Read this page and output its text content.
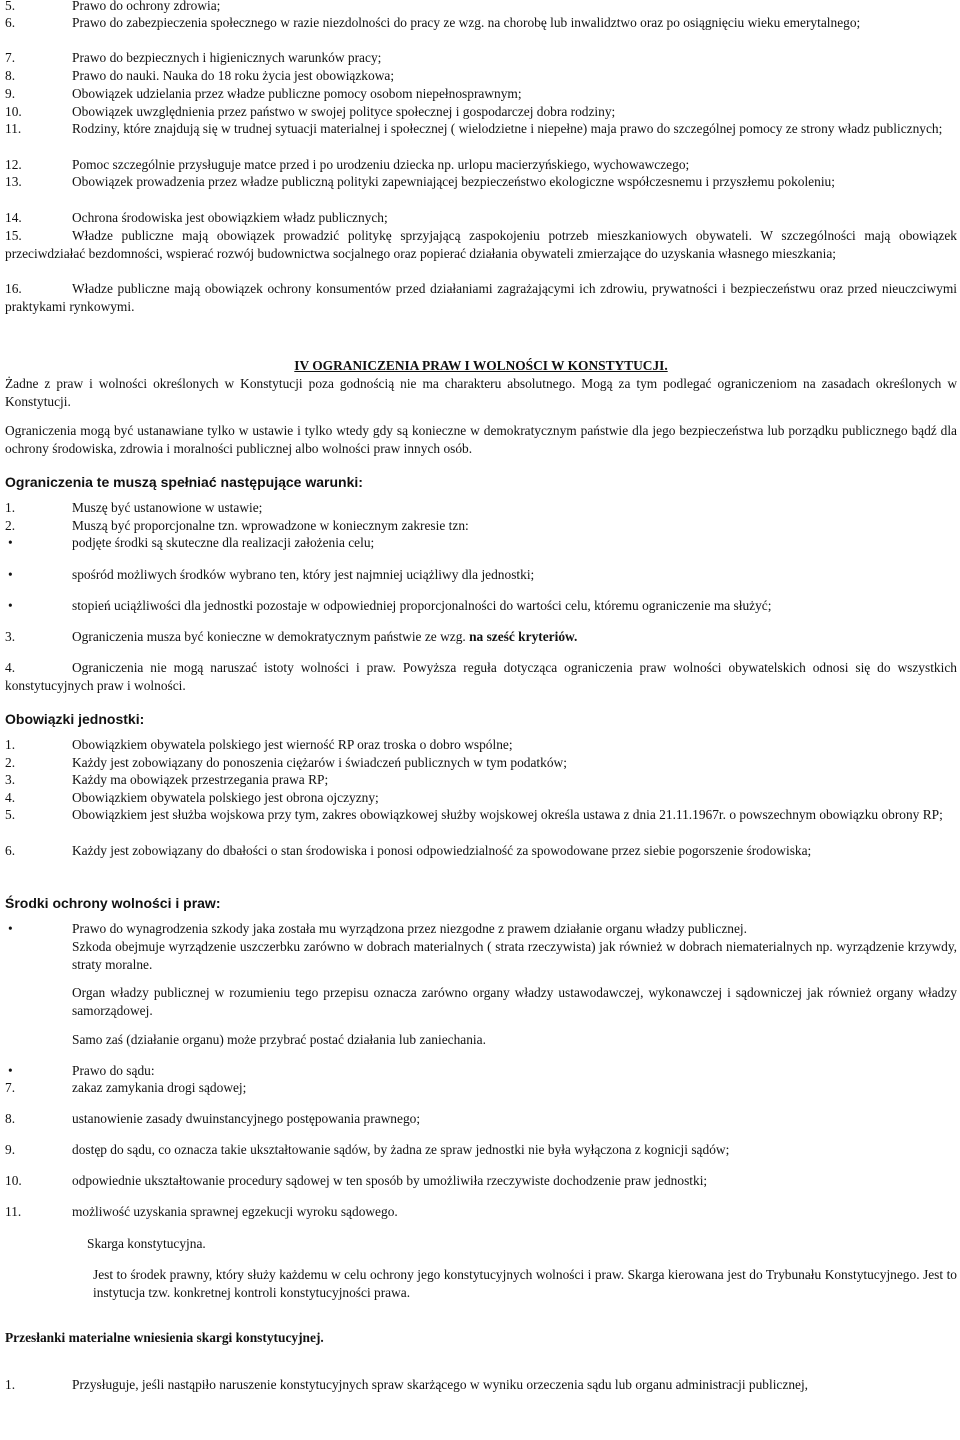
5.	Prawo do ochrony zdrowia;
6.	Prawo do zabezpieczenia społecznego w razie niezdolności do pracy ze wzg. na chorobę lub inwalidztwo oraz po osiągnięciu wieku emerytalnego;
7.	Prawo do bezpiecznych i higienicznych warunków pracy;
8.	Prawo do nauki. Nauka do 18 roku życia jest obowiązkowa;
9.	Obowiązek udzielania przez władze publiczne pomocy osobom niepełnosprawnym;
10.	Obowiązek uwzględnienia przez państwo w swojej polityce społecznej i gospodarczej dobra rodziny;
11.	Rodziny, które znajdują się w trudnej sytuacji materialnej i społecznej ( wielodzietne i niepełne) maja prawo do szczególnej pomocy ze strony władz publicznych;
12.	Pomoc szczególnie przysługuje matce przed i po urodzeniu dziecka np. urlopu macierzyńskiego, wychowawczego;
13.	Obowiązek prowadzenia przez władze publiczną polityki zapewniającej bezpieczeństwo ekologiczne współczesnemu i przyszłemu pokoleniu;
14.	Ochrona środowiska jest obowiązkiem władz publicznych;
15.	Władze publiczne mają obowiązek prowadzić politykę sprzyjającą zaspokojeniu potrzeb mieszkaniowych obywateli. W szczególności mają obowiązek przeciwdziałać bezdomności, wspierać rozwój budownictwa socjalnego oraz popierać działania obywateli zmierzające do uzyskania własnego mieszkania;
16.	Władze publiczne mają obowiązek ochrony konsumentów przed działaniami zagrażającymi ich zdrowiu, prywatności i bezpieczeństwu oraz przed nieuczciwymi praktykami rynkowymi.
IV OGRANICZENIA PRAW I WOLNOŚCI W KONSTYTUCJI.
Żadne z praw i wolności określonych w Konstytucji poza godnością nie ma charakteru absolutnego. Mogą za tym podlegać ograniczeniom na zasadach określonych w Konstytucji.
Ograniczenia mogą być ustanawiane tylko w ustawie i tylko wtedy gdy są konieczne w demokratycznym państwie dla jego bezpieczeństwa lub porządku publicznego bądź dla ochrony środowiska, zdrowia i moralności publicznej albo wolności praw innych osób.
Ograniczenia te muszą spełniać następujące warunki:
1.	Muszę być ustanowione w ustawie;
2.	Muszą być proporcjonalne tzn. wprowadzone w koniecznym zakresie tzn:
•	podjęte środki są skuteczne dla realizacji założenia celu;
•	spośród możliwych środków wybrano ten, który jest najmniej uciążliwy dla jednostki;
•	stopień uciążliwości dla jednostki pozostaje w odpowiedniej proporcjonalności do wartości celu, któremu ograniczenie ma służyć;
3.	Ograniczenia musza być konieczne w demokratycznym państwie ze wzg. na sześć kryteriów.
4.	Ograniczenia nie mogą naruszać istoty wolności i praw. Powyższa reguła dotycząca ograniczenia praw wolności obywatelskich odnosi się do wszystkich konstytucyjnych praw i wolności.
Obowiązki jednostki:
1.	Obowiązkiem obywatela polskiego jest wierność RP oraz troska o dobro wspólne;
2.	Każdy jest zobowiązany do ponoszenia ciężarów i świadczeń publicznych w tym podatków;
3.	Każdy ma obowiązek przestrzegania prawa RP;
4.	Obowiązkiem obywatela polskiego jest obrona ojczyzny;
5.	Obowiązkiem jest służba wojskowa przy tym, zakres obowiązkowej służby wojskowej określa ustawa z dnia 21.11.1967r. o powszechnym obowiązku obrony RP;
6.	Każdy jest zobowiązany do dbałości o stan środowiska i ponosi odpowiedzialność za spowodowane przez siebie pogorszenie środowiska;
Środki ochrony wolności i praw:
•	Prawo do wynagrodzenia szkody jaka została mu wyrządzona przez niezgodne z prawem działanie organu władzy publicznej.
Szkoda obejmuje wyrządzenie uszczerbku zarówno w dobrach materialnych ( strata rzeczywista) jak również w dobrach niematerialnych np. wyrządzenie krzywdy, straty moralne.
Organ władzy publicznej w rozumieniu tego przepisu oznacza zarówno organy władzy ustawodawczej, wykonawczej i sądowniczej jak również organy władzy samorządowej.
Samo zaś (działanie organu) może przybrać postać działania lub zaniechania.
•	Prawo do sądu:
7.	zakaz zamykania drogi sądowej;
8.	ustanowienie zasady dwuinstancyjnego postępowania prawnego;
9.	dostęp do sądu, co oznacza takie ukształtowanie sądów, by żadna ze spraw jednostki nie była wyłączona z kognicji sądów;
10.	odpowiednie ukształtowanie procedury sądowej w ten sposób by umożliwiła rzeczywiste dochodzenie praw jednostki;
11.	możliwość uzyskania sprawnej egzekucji wyroku sądowego.
Skarga konstytucyjna.
Jest to środek prawny, który służy każdemu w celu ochrony jego konstytucyjnych wolności i praw. Skarga kierowana jest do Trybunału Konstytucyjnego. Jest to instytucja tzw. konkretnej kontroli konstytucyjności prawa.
Przesłanki materialne wniesienia skargi konstytucyjnej.
1.	Przysługuje, jeśli nastąpiło naruszenie konstytucyjnych spraw skarżącego w wyniku orzeczenia sądu lub organu administracji publicznej,
